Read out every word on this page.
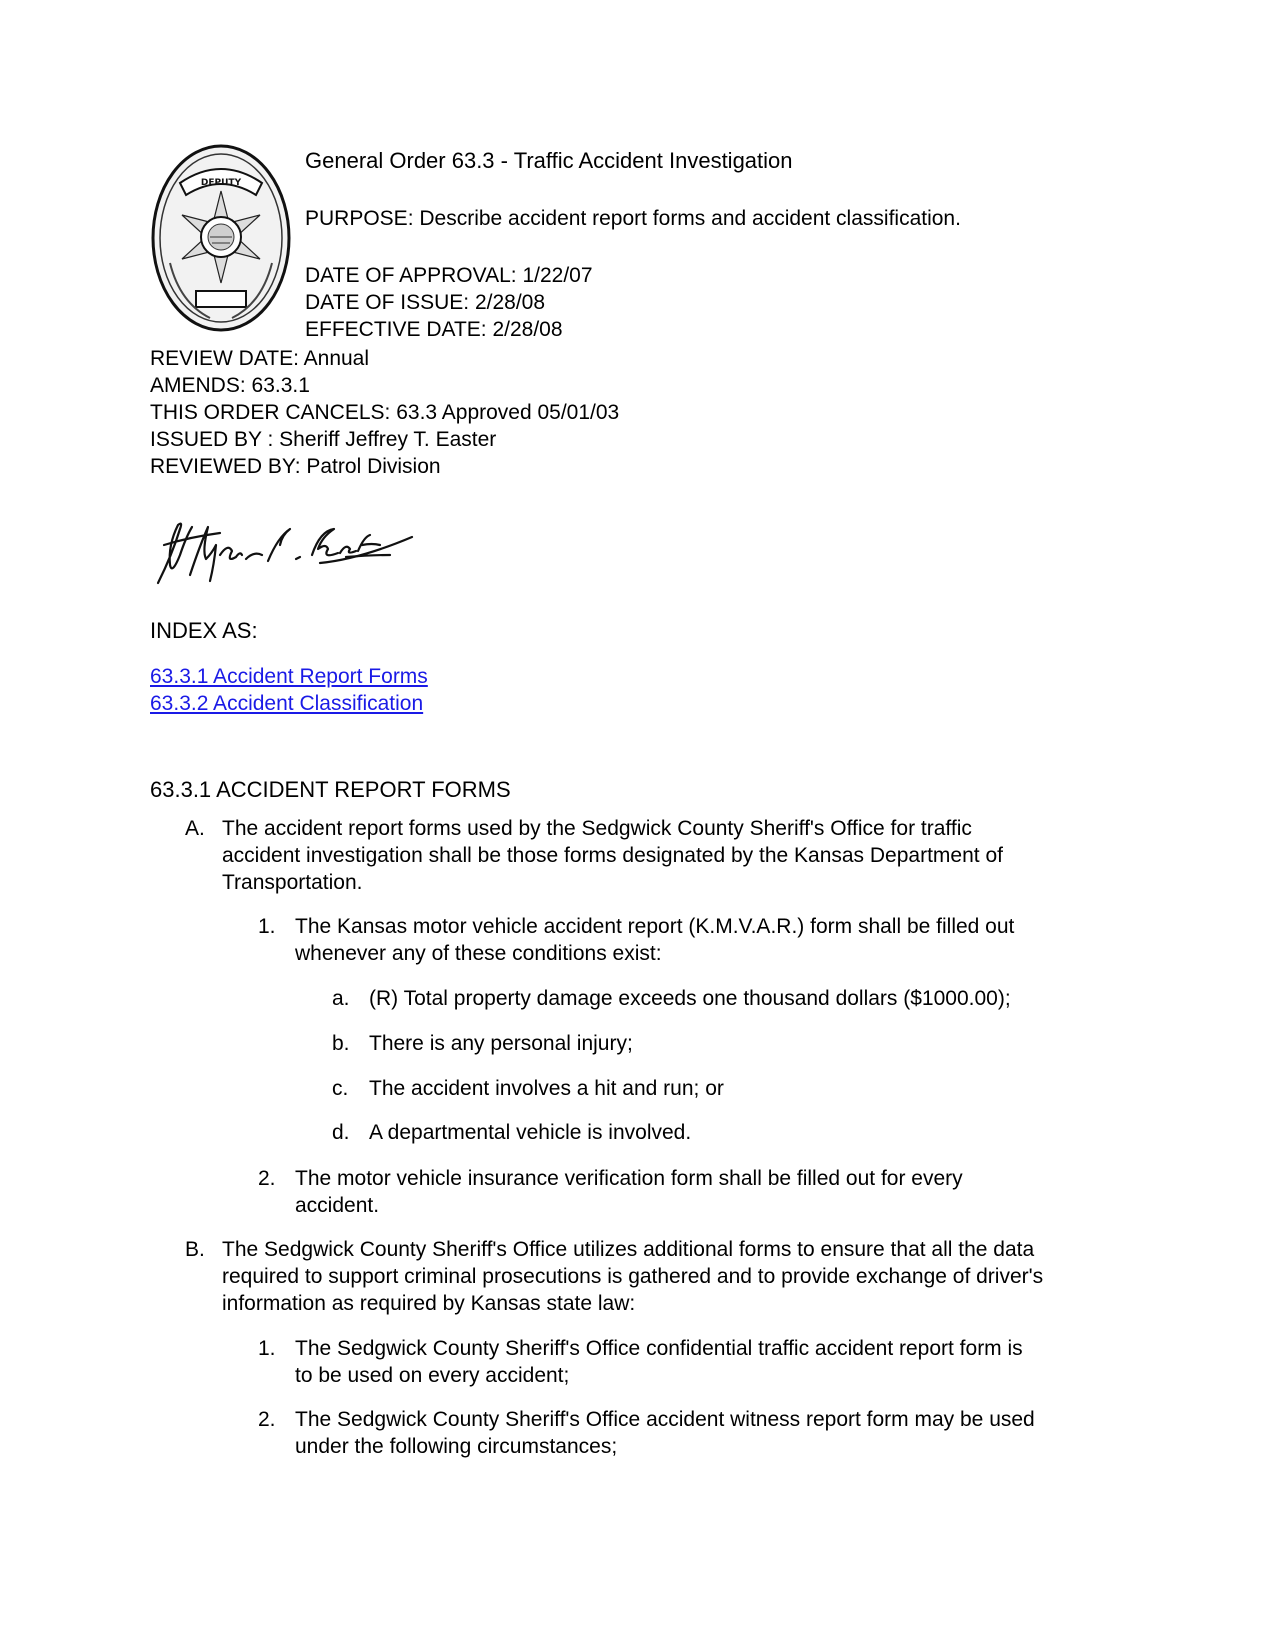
DEPUTY
General Order 63.3 - Traffic Accident Investigation
PURPOSE: Describe accident report forms and accident classification.
DATE OF APPROVAL: 1/22/07
DATE OF ISSUE: 2/28/08
EFFECTIVE DATE: 2/28/08
REVIEW DATE: Annual
AMENDS: 63.3.1
THIS ORDER CANCELS: 63.3 Approved 05/01/03
ISSUED BY : Sheriff Jeffrey T. Easter
REVIEWED BY: Patrol Division
INDEX AS:
63.3.1 Accident Report Forms
63.3.2 Accident Classification
63.3.1 ACCIDENT REPORT FORMS
A. The accident report forms used by the Sedgwick County Sheriff's Office for traffic
accident investigation shall be those forms designated by the Kansas Department of
Transportation.
1. The Kansas motor vehicle accident report (K.M.V.A.R.) form shall be filled out
whenever any of these conditions exist:
a. (R) Total property damage exceeds one thousand dollars ($1000.00);
b. There is any personal injury;
c. The accident involves a hit and run; or
d. A departmental vehicle is involved.
2. The motor vehicle insurance verification form shall be filled out for every
accident.
B. The Sedgwick County Sheriff's Office utilizes additional forms to ensure that all the data
required to support criminal prosecutions is gathered and to provide exchange of driver's
information as required by Kansas state law:
1. The Sedgwick County Sheriff's Office confidential traffic accident report form is
to be used on every accident;
2. The Sedgwick County Sheriff's Office accident witness report form may be used
under the following circumstances;
